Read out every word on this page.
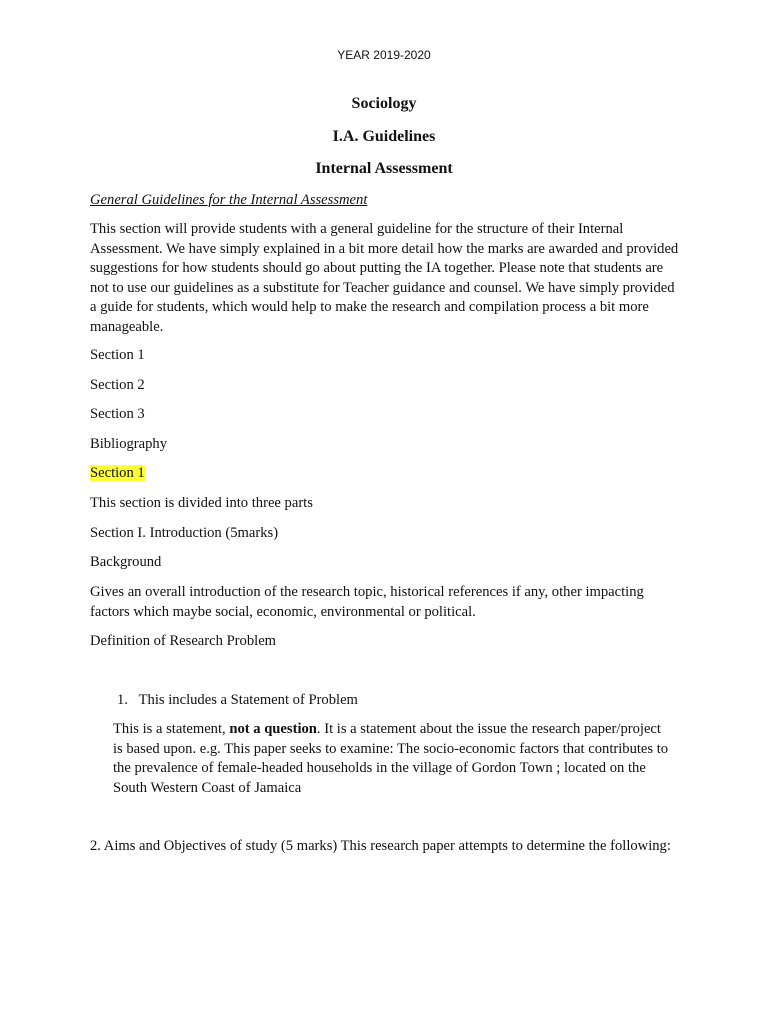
YEAR 2019-2020
Sociology
I.A. Guidelines
Internal Assessment

General Guidelines for the Internal Assessment

This section will provide students with a general guideline for the structure of their Internal Assessment. We have simply explained in a bit more detail how the marks are awarded and provided suggestions for how students should go about putting the IA together. Please note that students are not to use our guidelines as a substitute for Teacher guidance and counsel. We have simply provided a guide for students, which would help to make the research and compilation process a bit more manageable.

Section 1
Section 2
Section 3
Bibliography
Section 1
This section is divided into three parts
Section I. Introduction (5marks)
Background

Gives an overall introduction of the research topic, historical references if any, other impacting factors which maybe social, economic, environmental or political.

Definition of Research Problem
1. This includes a Statement of Problem

This is a statement, not a question. It is a statement about the issue the research paper/project is based upon. e.g. This paper seeks to examine: The socio-economic factors that contributes to the prevalence of female-headed households in the village of Gordon Town ; located on the South Western Coast of Jamaica

2. Aims and Objectives of study (5 marks) This research paper attempts to determine the following:
